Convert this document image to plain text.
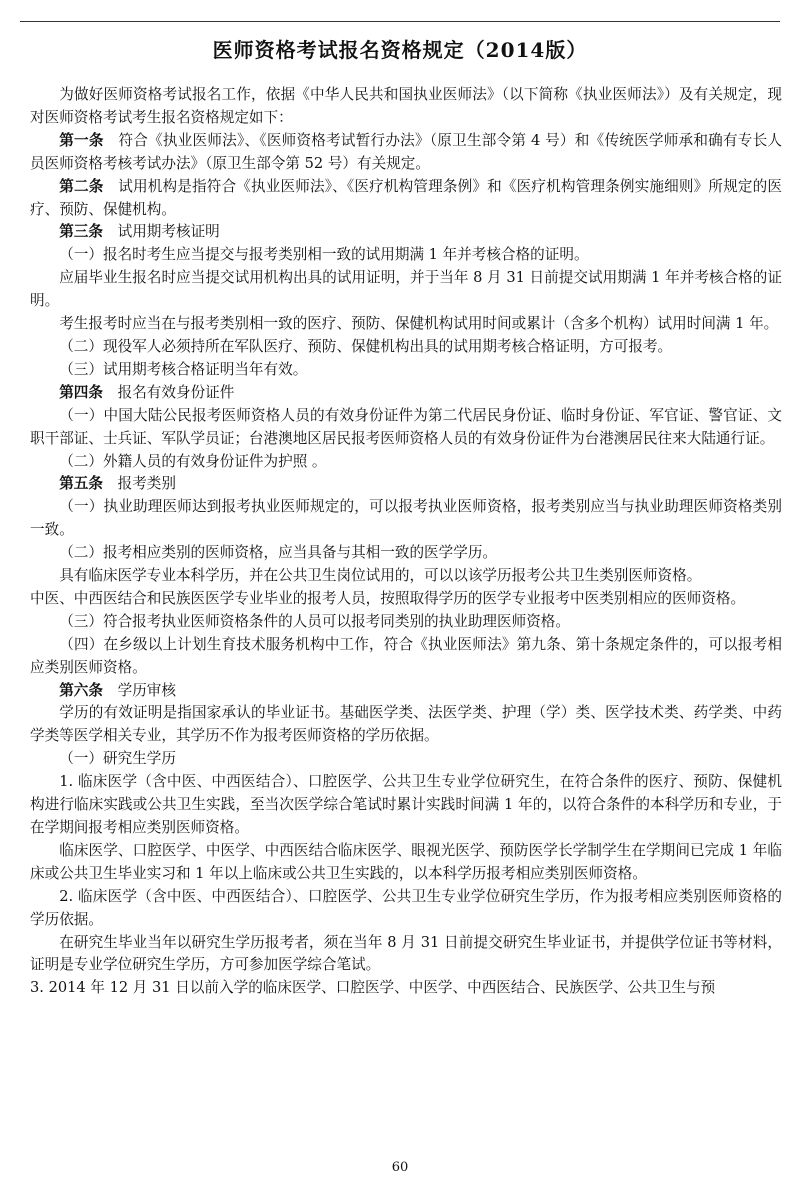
医师资格考试报名资格规定（2014版）

为做好医师资格考试报名工作，依据《中华人民共和国执业医师法》（以下简称《执业医师法》）及有关规定，现对医师资格考试考生报名资格规定如下：

第一条　 符合《执业医师法》、《医师资格考试暂行办法》（原卫生部令第 4 号）和《传统医学师承和确有专长人员医师资格考核考试办法》（原卫生部令第 52 号）有关规定。

第二条　 试用机构是指符合《执业医师法》、《医疗机构管理条例》和《医疗机构管理条例实施细则》所规定的医疗、预防、保健机构。

第三条　 试用期考核证明

（一）报名时考生应当提交与报考类别相一致的试用期满 1 年并考核合格的证明。

应届毕业生报名时应当提交试用机构出具的试用证明，并于当年 8 月 31 日前提交试用期满 1 年并考核合格的证明。

考生报考时应当在与报考类别相一致的医疗、预防、保健机构试用时间或累计（含多个机构）试用时间满 1 年。

（二）现役军人必须持所在军队医疗、预防、保健机构出具的试用期考核合格证明，方可报考。

（三）试用期考核合格证明当年有效。

第四条　 报名有效身份证件

（一）中国大陆公民报考医师资格人员的有效身份证件为第二代居民身份证、临时身份证、军官证、警官证、文职干部证、士兵证、军队学员证；台港澳地区居民报考医师资格人员的有效身份证件为台港澳居民往来大陆通行证。

（二）外籍人员的有效身份证件为护照 。

第五条　 报考类别

（一）执业助理医师达到报考执业医师规定的，可以报考执业医师资格，报考类别应当与执业助理医师资格类别一致。

（二）报考相应类别的医师资格，应当具备与其相一致的医学学历。

具有临床医学专业本科学历，并在公共卫生岗位试用的，可以以该学历报考公共卫生类别医师资格。

中医、中西医结合和民族医医学专业毕业的报考人员，按照取得学历的医学专业报考中医类别相应的医师资格。

（三）符合报考执业医师资格条件的人员可以报考同类别的执业助理医师资格。

（四）在乡级以上计划生育技术服务机构中工作，符合《执业医师法》第九条、第十条规定条件的，可以报考相应类别医师资格。

第六条　 学历审核

学历的有效证明是指国家承认的毕业证书。基础医学类、法医学类、护理（学）类、医学技术类、药学类、中药学类等医学相关专业，其学历不作为报考医师资格的学历依据。

（一）研究生学历

1. 临床医学（含中医、中西医结合）、口腔医学、公共卫生专业学位研究生，在符合条件的医疗、预防、保健机构进行临床实践或公共卫生实践，至当次医学综合笔试时累计实践时间满 1 年的，以符合条件的本科学历和专业，于在学期间报考相应类别医师资格。

临床医学、口腔医学、中医学、中西医结合临床医学、眼视光医学、预防医学长学制学生在学期间已完成 1 年临床或公共卫生毕业实习和 1 年以上临床或公共卫生实践的，以本科学历报考相应类别医师资格。

2. 临床医学（含中医、中西医结合）、口腔医学、公共卫生专业学位研究生学历，作为报考相应类别医师资格的学历依据。

在研究生毕业当年以研究生学历报考者，须在当年 8 月 31 日前提交研究生毕业证书，并提供学位证书等材料，证明是专业学位研究生学历，方可参加医学综合笔试。

3. 2014 年 12 月 31 日以前入学的临床医学、口腔医学、中医学、中西医结合、民族医学、公共卫生与预

60
